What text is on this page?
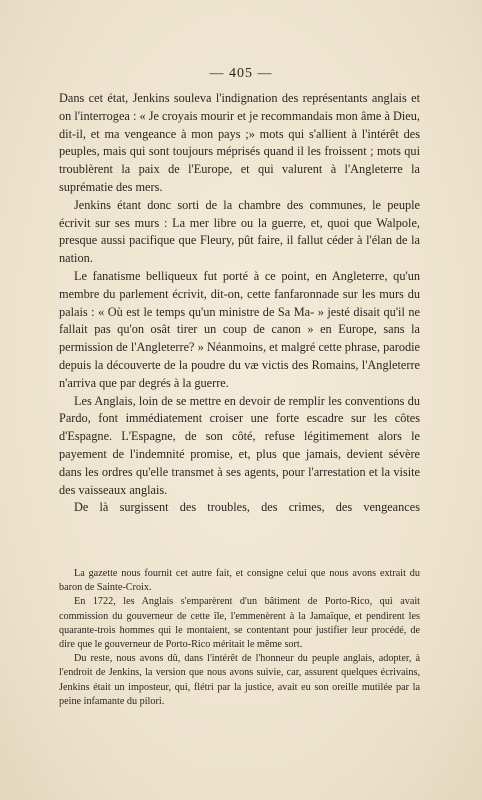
— 405 —

Dans cet état, Jenkins souleva l'indignation des représentants anglais et on l'interrogea : « Je croyais mourir et je recommandais mon âme à Dieu, dit-il, et ma vengeance à mon pays ;» mots qui s'allient à l'intérêt des peuples, mais qui sont toujours méprisés quand il les froissent ; mots qui troublèrent la paix de l'Europe, et qui valurent à l'Angleterre la suprématie des mers.

Jenkins étant donc sorti de la chambre des communes, le peuple écrivit sur ses murs : La mer libre ou la guerre, et, quoi que Walpole, presque aussi pacifique que Fleury, pût faire, il fallut céder à l'élan de la nation.

Le fanatisme belliqueux fut porté à ce point, en Angleterre, qu'un membre du parlement écrivit, dit-on, cette fanfaronnade sur les murs du palais : « Où est le temps qu'un ministre de Sa Ma- » jesté disait qu'il ne fallait pas qu'on osât tirer un coup de canon » en Europe, sans la permission de l'Angleterre? » Néanmoins, et malgré cette phrase, parodie depuis la découverte de la poudre du væ victis des Romains, l'Angleterre n'arriva que par degrés à la guerre.

Les Anglais, loin de se mettre en devoir de remplir les conventions du Pardo, font immédiatement croiser une forte escadre sur les côtes d'Espagne. L'Espagne, de son côté, refuse légitimement alors le payement de l'indemnité promise, et, plus que jamais, devient sévère dans les ordres qu'elle transmet à ses agents, pour l'arrestation et la visite des vaisseaux anglais.

De là surgissent des troubles, des crimes, des vengeances

La gazette nous fournit cet autre fait, et consigne celui que nous avons extrait du baron de Sainte-Croix.

En 1722, les Anglais s'emparèrent d'un bâtiment de Porto-Rico, qui avait commission du gouverneur de cette île, l'emmenèrent à la Jamaïque, et pendirent les quarante-trois hommes qui le montaient, se contentant pour justifier leur procédé, de dire que le gouverneur de Porto-Rico méritait le même sort.

Du reste, nous avons dû, dans l'intérêt de l'honneur du peuple anglais, adopter, à l'endroit de Jenkins, la version que nous avons suivie, car, assurent quelques écrivains, Jenkins était un imposteur, qui, flétri par la justice, avait eu son oreille mutilée par la peine infamante du pilori.
